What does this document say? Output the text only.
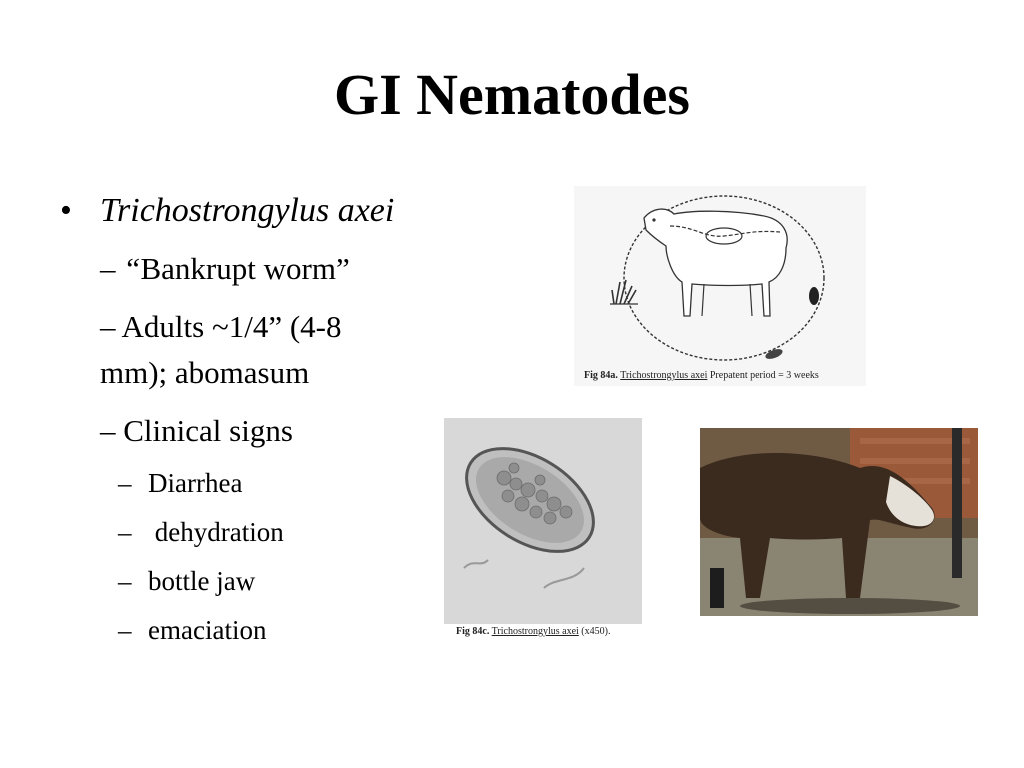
GI Nematodes
• Trichostrongylus axei
– “Bankrupt worm”
– Adults ~1/4” (4-8
mm); abomasum
– Clinical signs
– Diarrhea
– dehydration
– bottle jaw
– emaciation
Fig 84a. Trichostrongylus axei Prepatent period = 3 weeks
Fig 84c. Trichostrongylus axei (x450).
